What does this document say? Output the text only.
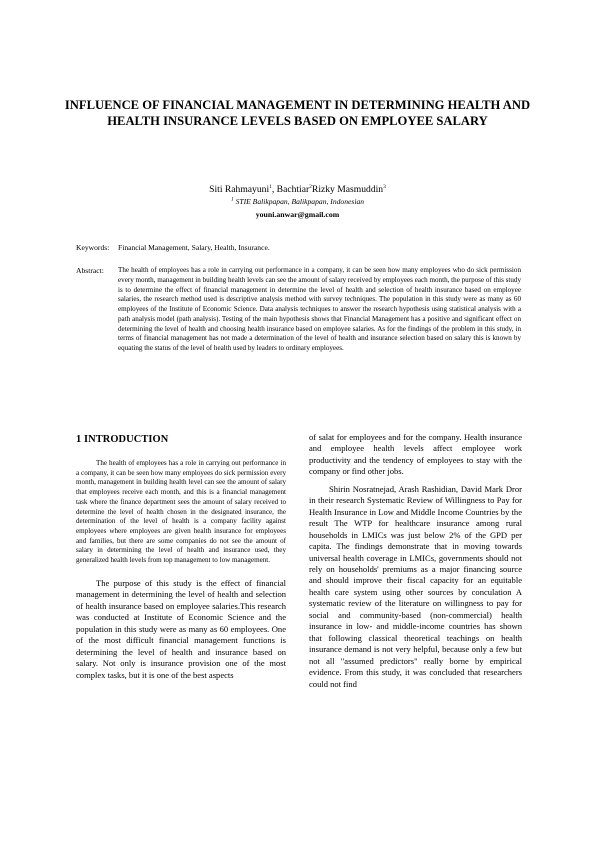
INFLUENCE OF FINANCIAL MANAGEMENT IN DETERMINING HEALTH AND HEALTH INSURANCE LEVELS BASED ON EMPLOYEE SALARY
Siti Rahmayuni$^1$, Bachtiar$^2$Rizky Masmuddin$^3$
$^1$ STIE Balikpapan, Balikpapan, Indonesian
youni.anwar@gmail.com
Keywords: Financial Management, Salary, Health, Insurance.
Abstract: The health of employees has a role in carrying out performance in a company, it can be seen how many employees who do sick permission every month, management in building health levels can see the amount of salary received by employees each month, the purpose of this study is to determine the effect of financial management in determine the level of health and selection of health insurance based on employee salaries, the research method used is descriptive analysis method with survey techniques. The population in this study were as many as 60 employees of the Institute of Economic Science. Data analysis techniques to answer the research hypothesis using statistical analysis with a path analysis model (path analysis). Testing of the main hypothesis shows that Financial Management has a positive and significant effect on determining the level of health and choosing health insurance based on employee salaries. As for the findings of the problem in this study, in terms of financial management has not made a determination of the level of health and insurance selection based on salary this is known by equating the status of the level of health used by leaders to ordinary employees.
1 INTRODUCTION

The health of employees has a role in carrying out performance in a company, it can be seen how many employees do sick permission every month, management in building health level can see the amount of salary that employees receive each month, and this is a financial management task where the finance department sees the amount of salary received to determine the level of health chosen in the designated insurance, the determination of the level of health is a company facility against employees where employees are given health insurance for employees and families, but there are some companies do not see the amount of salary in determining the level of health and insurance used, they generalized health levels from top management to low management.

The purpose of this study is the effect of financial management in determining the level of health and selection of health insurance based on employee salaries.This research was conducted at Institute of Economic Science and the population in this study were as many as 60 employees. One of the most difficult financial management functions is determining the level of health and insurance based on salary. Not only is insurance provision one of the most complex tasks, but it is one of the best aspects

of salat for employees and for the company. Health insurance and employee health levels affect employee work productivity and the tendency of employees to stay with the company or find other jobs.

Shirin Nosratnejad, Arash Rashidian, David Mark Dror in their research Systematic Review of Willingness to Pay for Health Insurance in Low and Middle Income Countries by the result The WTP for healthcare insurance among rural households in LMICs was just below 2% of the GPD per capita. The findings demonstrate that in moving towards universal health coverage in LMICs, governments should not rely on households' premiums as a major financing source and should improve their fiscal capacity for an equitable health care system using other sources by conculation A systematic review of the literature on willingness to pay for social and community-based (non-commercial) health insurance in low- and middle-income countries has shown that following classical theoretical teachings on health insurance demand is not very helpful, because only a few but not all "assumed predictors" really borne by empirical evidence. From this study, it was concluded that researchers could not find
